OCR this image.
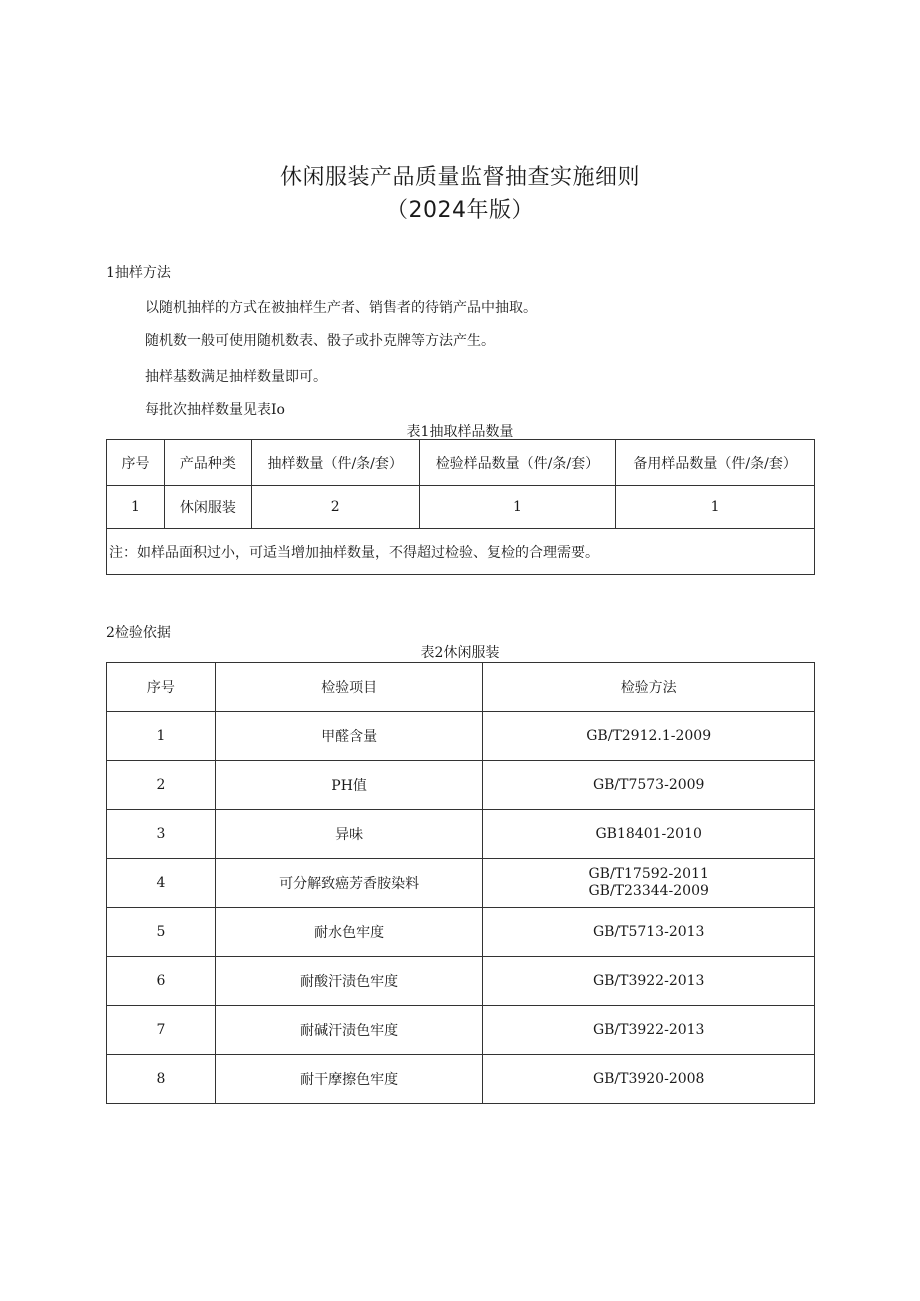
休闲服装产品质量监督抽查实施细则
（2024年版）
1抽样方法
以随机抽样的方式在被抽样生产者、销售者的待销产品中抽取。
随机数一般可使用随机数表、骰子或扑克牌等方法产生。
抽样基数满足抽样数量即可。
每批次抽样数量见表Io
表1抽取样品数量
序号	产品种类	抽样数量（件/条/套）	检验样品数量（件/条/套）	备用样品数量（件/条/套）
1	休闲服装	2	1	1
注：如样品面积过小，可适当增加抽样数量，不得超过检验、复检的合理需要。				
2检验依据
表2休闲服装
序号	检验项目	检验方法
1	甲醛含量	GB/T2912.1-2009
2	PH值	GB/T7573-2009
3	异味	GB18401-2010
4	可分解致癌芳香胺染料	GB/T17592-2011
GB/T23344-2009

5	耐水色牢度	GB/T5713-2013
6	耐酸汗渍色牢度	GB/T3922-2013
7	耐碱汗渍色牢度	GB/T3922-2013
8	耐干摩擦色牢度	GB/T3920-2008
